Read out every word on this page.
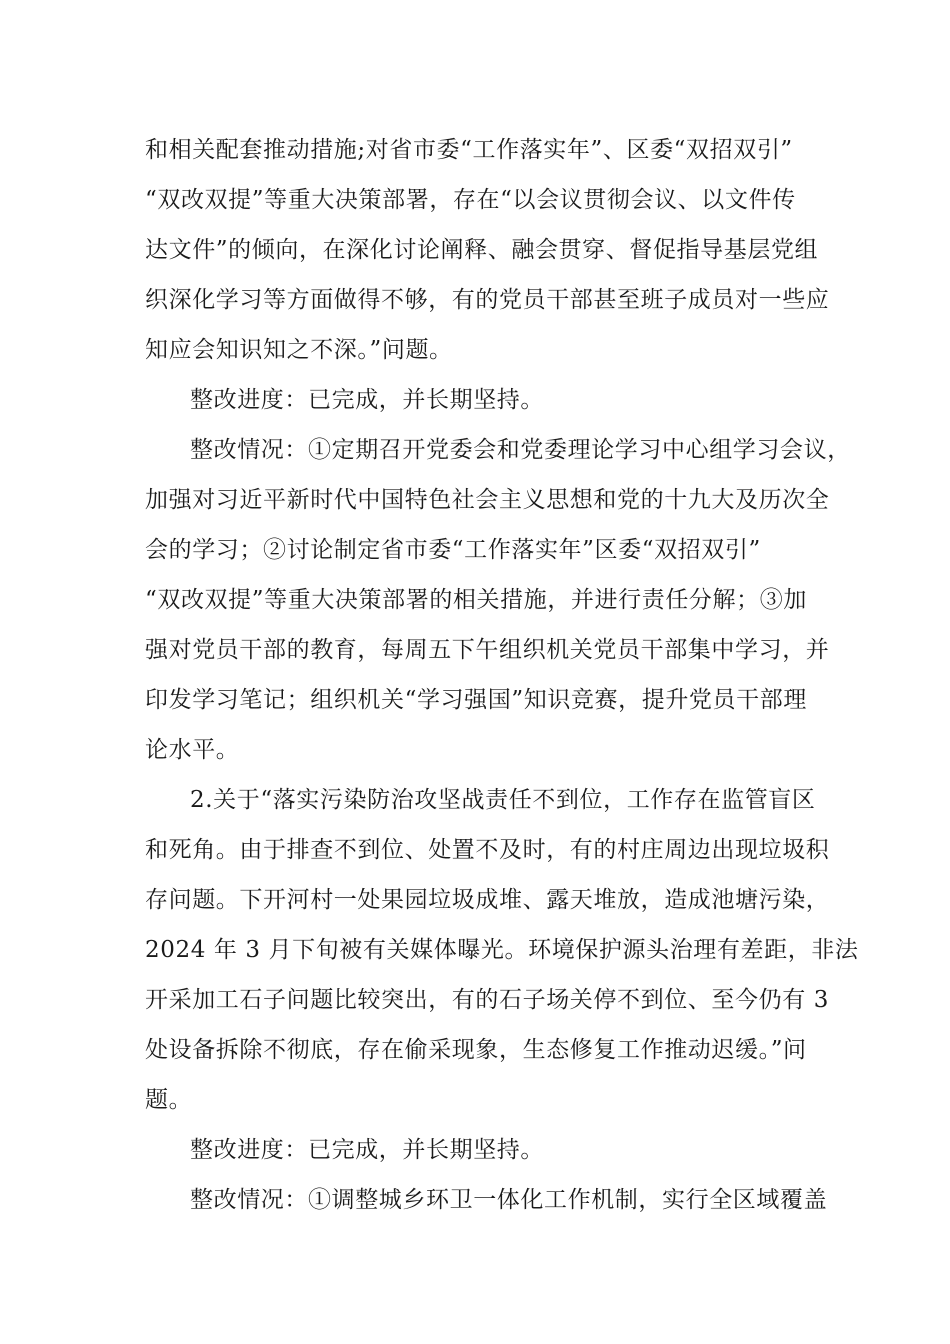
和相关配套推动措施;对省市委“工作落实年”、区委“双招双引”
“双改双提”等重大决策部署，存在“以会议贯彻会议、以文件传
达文件”的倾向，在深化讨论阐释、融会贯穿、督促指导基层党组
织深化学习等方面做得不够，有的党员干部甚至班子成员对一些应
知应会知识知之不深。”问题。
整改进度：已完成，并长期坚持。
整改情况：①定期召开党委会和党委理论学习中心组学习会议，
加强对习近平新时代中国特色社会主义思想和党的十九大及历次全
会的学习；②讨论制定省市委“工作落实年”区委“双招双引”
“双改双提”等重大决策部署的相关措施，并进行责任分解；③加
强对党员干部的教育，每周五下午组织机关党员干部集中学习，并
印发学习笔记；组织机关“学习强国”知识竞赛，提升党员干部理
论水平。
2.关于“落实污染防治攻坚战责任不到位，工作存在监管盲区
和死角。由于排查不到位、处置不及时，有的村庄周边出现垃圾积
存问题。下开河村一处果园垃圾成堆、露天堆放，造成池塘污染，
2024 年 3 月下旬被有关媒体曝光。环境保护源头治理有差距，非法
开采加工石子问题比较突出，有的石子场关停不到位、至今仍有 3
处设备拆除不彻底，存在偷采现象，生态修复工作推动迟缓。”问
题。
整改进度：已完成，并长期坚持。
整改情况：①调整城乡环卫一体化工作机制，实行全区域覆盖
